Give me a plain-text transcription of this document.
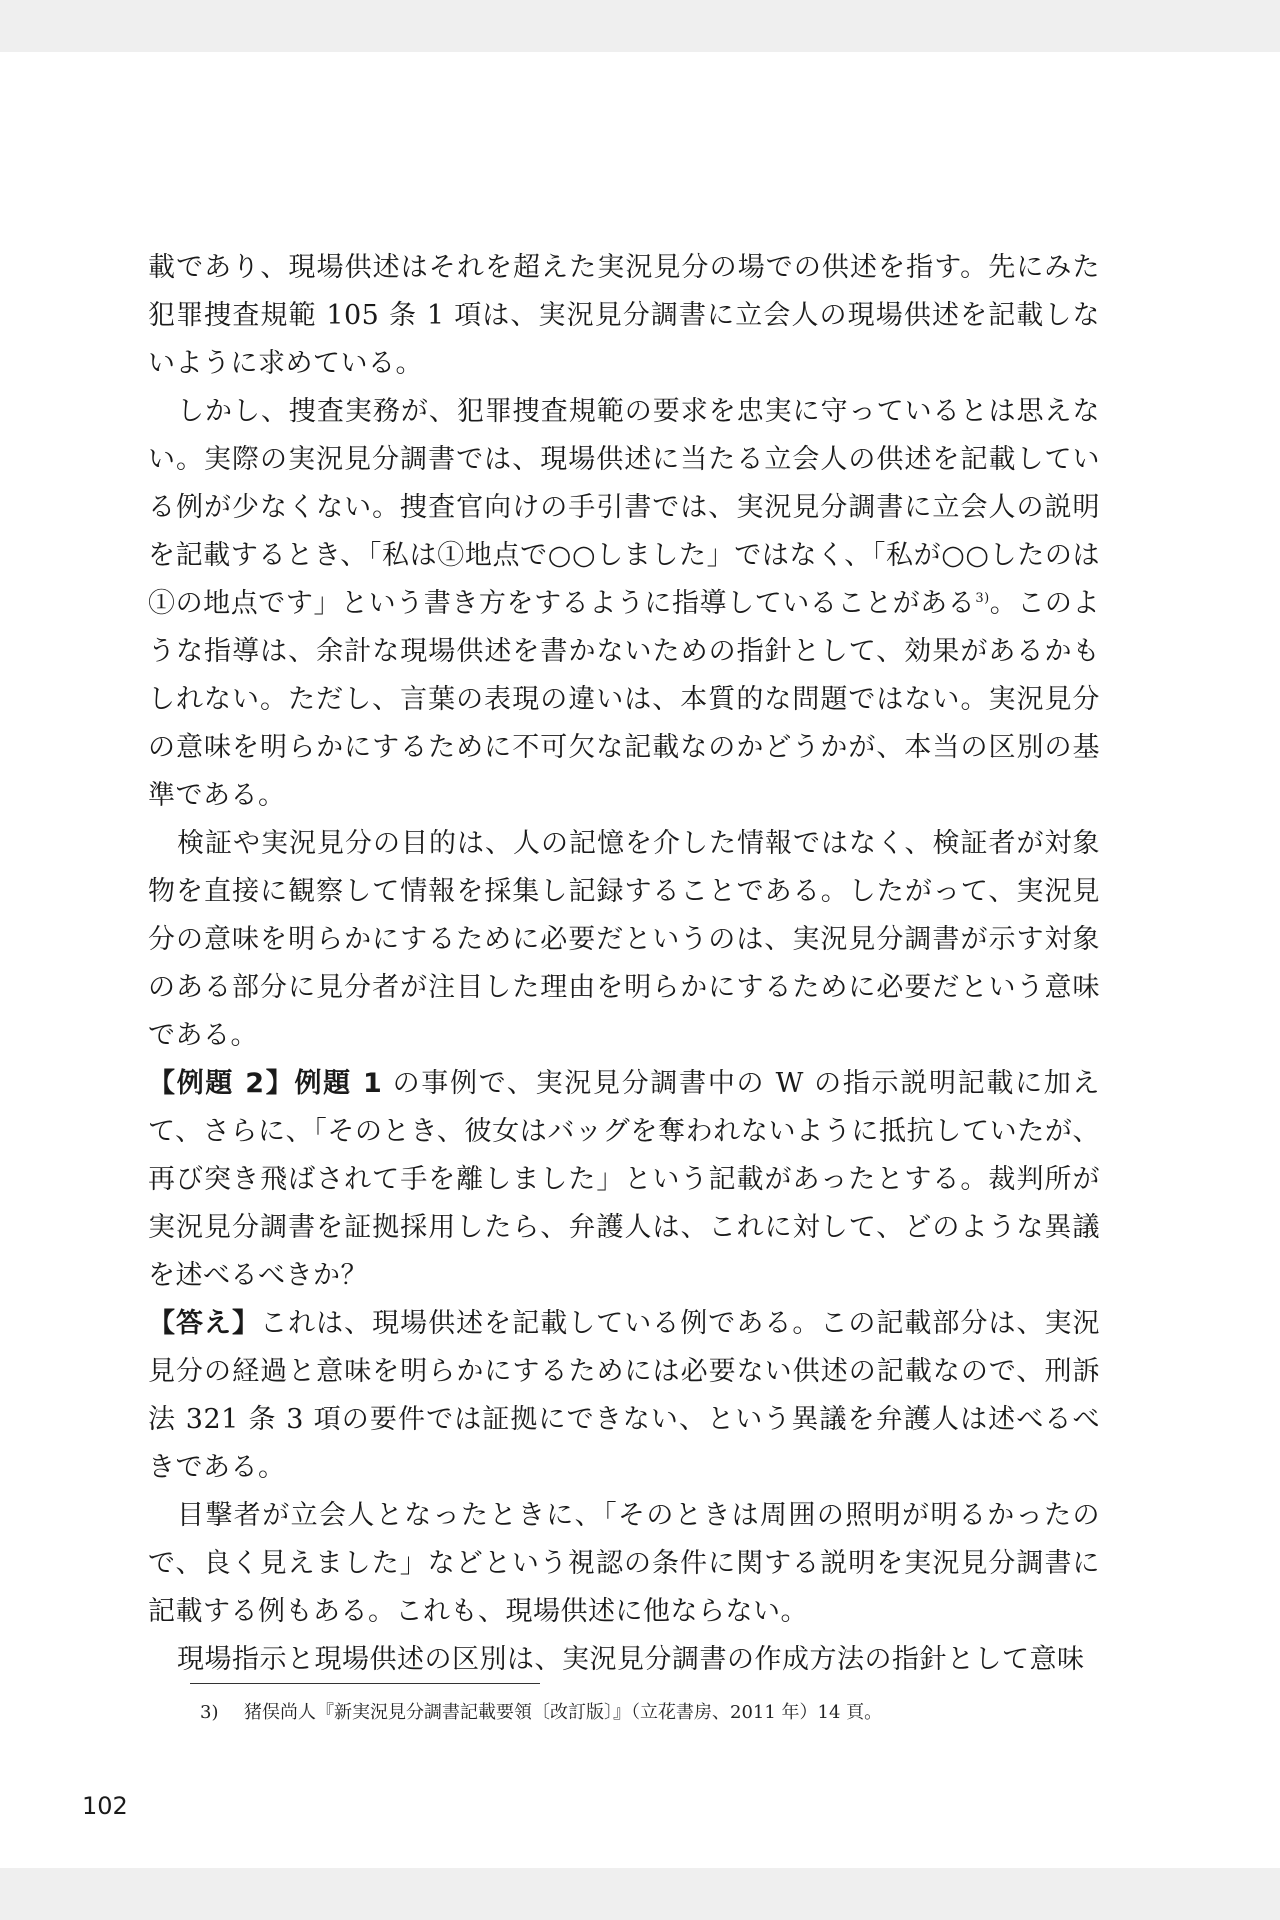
載であり、現場供述はそれを超えた実況見分の場での供述を指す。先にみた犯罪捜査規範 105 条 1 項は、実況見分調書に立会人の現場供述を記載しないように求めている。

しかし、捜査実務が、犯罪捜査規範の要求を忠実に守っているとは思えない。実際の実況見分調書では、現場供述に当たる立会人の供述を記載している例が少なくない。捜査官向けの手引書では、実況見分調書に立会人の説明を記載するとき、「私は①地点で○○しました」ではなく、「私が○○したのは①の地点です」という書き方をするように指導していることがある$^{3)}$。このような指導は、余計な現場供述を書かないための指針として、効果があるかもしれない。ただし、言葉の表現の違いは、本質的な問題ではない。実況見分の意味を明らかにするために不可欠な記載なのかどうかが、本当の区別の基準である。

検証や実況見分の目的は、人の記憶を介した情報ではなく、検証者が対象物を直接に観察して情報を採集し記録することである。したがって、実況見分の意味を明らかにするために必要だというのは、実況見分調書が示す対象のある部分に見分者が注目した理由を明らかにするために必要だという意味である。

【例題 2】例題 1 の事例で、実況見分調書中の W の指示説明記載に加えて、さらに、「そのとき、彼女はバッグを奪われないように抵抗していたが、再び突き飛ばされて手を離しました」という記載があったとする。裁判所が実況見分調書を証拠採用したら、弁護人は、これに対して、どのような異議を述べるべきか？

【答え】これは、現場供述を記載している例である。この記載部分は、実況見分の経過と意味を明らかにするためには必要ない供述の記載なので、刑訴法 321 条 3 項の要件では証拠にできない、という異議を弁護人は述べるべきである。

目撃者が立会人となったときに、「そのときは周囲の照明が明るかったので、良く見えました」などという視認の条件に関する説明を実況見分調書に記載する例もある。これも、現場供述に他ならない。

現場指示と現場供述の区別は、実況見分調書の作成方法の指針として意味

3) 猪俣尚人『新実況見分調書記載要領〔改訂版〕』（立花書房、2011 年）14 頁。
102
